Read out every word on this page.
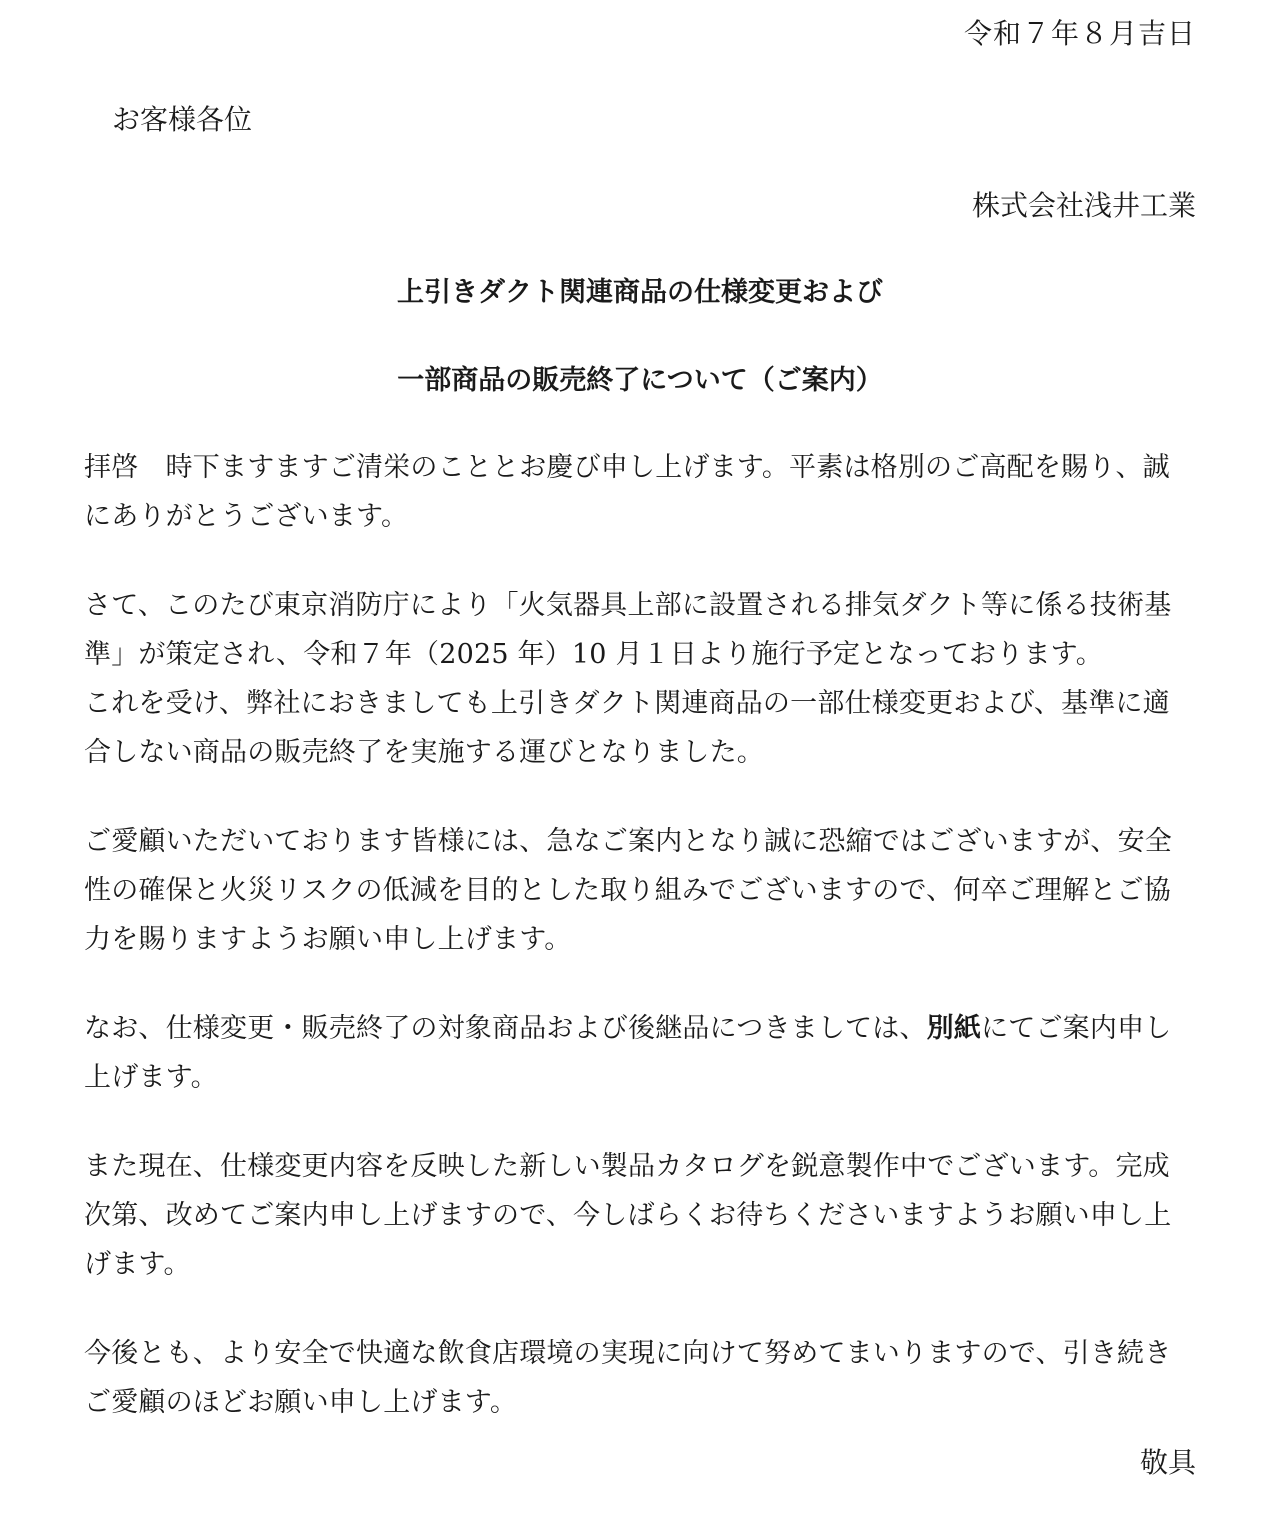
令和７年８月吉日
お客様各位
株式会社浅井工業
上引きダクト関連商品の仕様変更および
一部商品の販売終了について（ご案内）

拝啓　時下ますますご清栄のこととお慶び申し上げます。平素は格別のご高配を賜り、誠にありがとうございます。

さて、このたび東京消防庁により「火気器具上部に設置される排気ダクト等に係る技術基準」が策定され、令和７年（2025 年）10 月１日より施行予定となっております。
これを受け、弊社におきましても上引きダクト関連商品の一部仕様変更および、基準に適合しない商品の販売終了を実施する運びとなりました。

ご愛顧いただいております皆様には、急なご案内となり誠に恐縮ではございますが、安全性の確保と火災リスクの低減を目的とした取り組みでございますので、何卒ご理解とご協力を賜りますようお願い申し上げます。

なお、仕様変更・販売終了の対象商品および後継品につきましては、別紙にてご案内申し上げます。

また現在、仕様変更内容を反映した新しい製品カタログを鋭意製作中でございます。完成次第、改めてご案内申し上げますので、今しばらくお待ちくださいますようお願い申し上げます。

今後とも、より安全で快適な飲食店環境の実現に向けて努めてまいりますので、引き続きご愛顧のほどお願い申し上げます。

敬具
